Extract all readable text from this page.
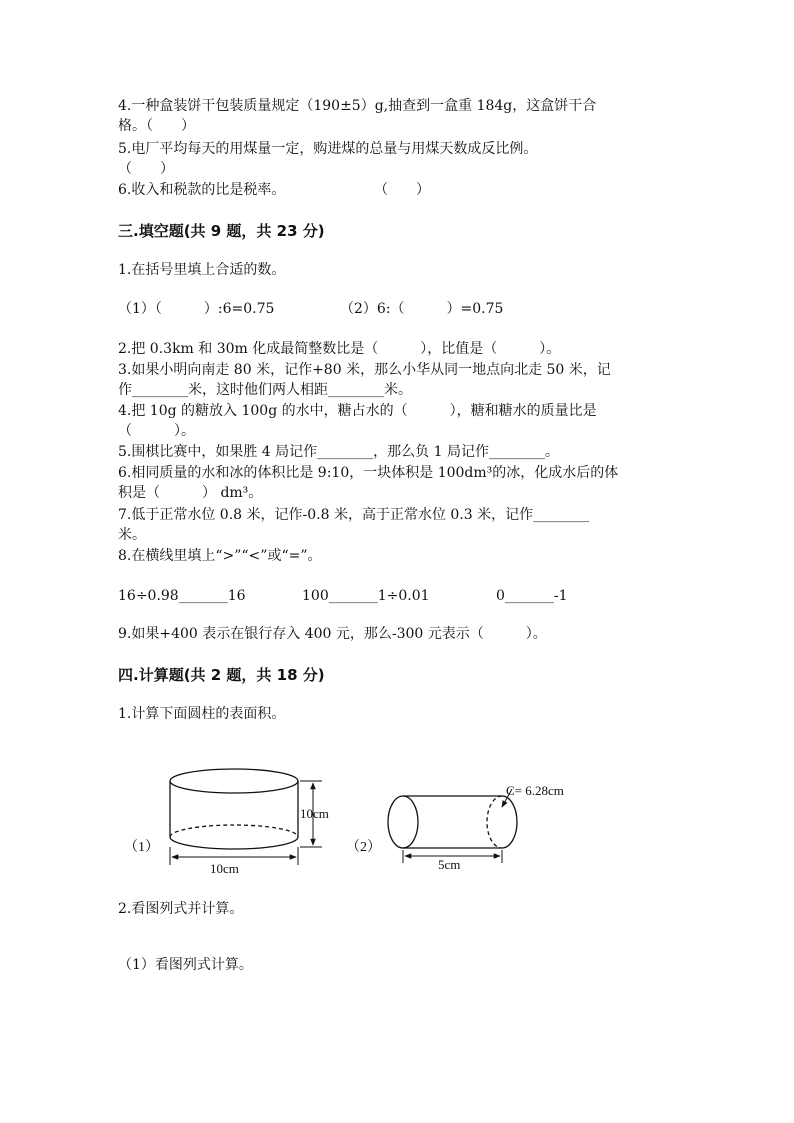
4.一种盒装饼干包装质量规定（190±5）g,抽查到一盒重 184g，这盒饼干合
格。（　　）
5.电厂平均每天的用煤量一定，购进煤的总量与用煤天数成反比例。
（　　）
6.收入和税款的比是税率。	（　　）
三.填空题(共 9 题，共 23 分)
1.在括号里填上合适的数。
（1）（　　　）:6=0.75	（2）6:（　　　）=0.75
2.把 0.3km 和 30m 化成最简整数比是（　　　），比值是（　　　）。
3.如果小明向南走 80 米，记作+80 米，那么小华从同一地点向北走 50 米，记
作________米，这时他们两人相距________米。
4.把 10g 的糖放入 100g 的水中，糖占水的（　　　），糖和糖水的质量比是
（　　　）。
5.围棋比赛中，如果胜 4 局记作________，那么负 1 局记作________。
6.相同质量的水和冰的体积比是 9:10，一块体积是 100dm³的冰，化成水后的体
积是（　　　） dm³。
7.低于正常水位 0.8 米，记作-0.8 米，高于正常水位 0.3 米，记作________
米。
8.在横线里填上“>”“<”或“=”。
16÷0.98_______16	100_______1÷0.01	0_______-1
9.如果+400 表示在银行存入 400 元，那么-300 元表示（　　　）。
四.计算题(共 2 题，共 18 分)
1.计算下面圆柱的表面积。
（1）
10cm
10cm
（2）
C= 6.28cm
5cm
2.看图列式并计算。
（1）看图列式计算。
